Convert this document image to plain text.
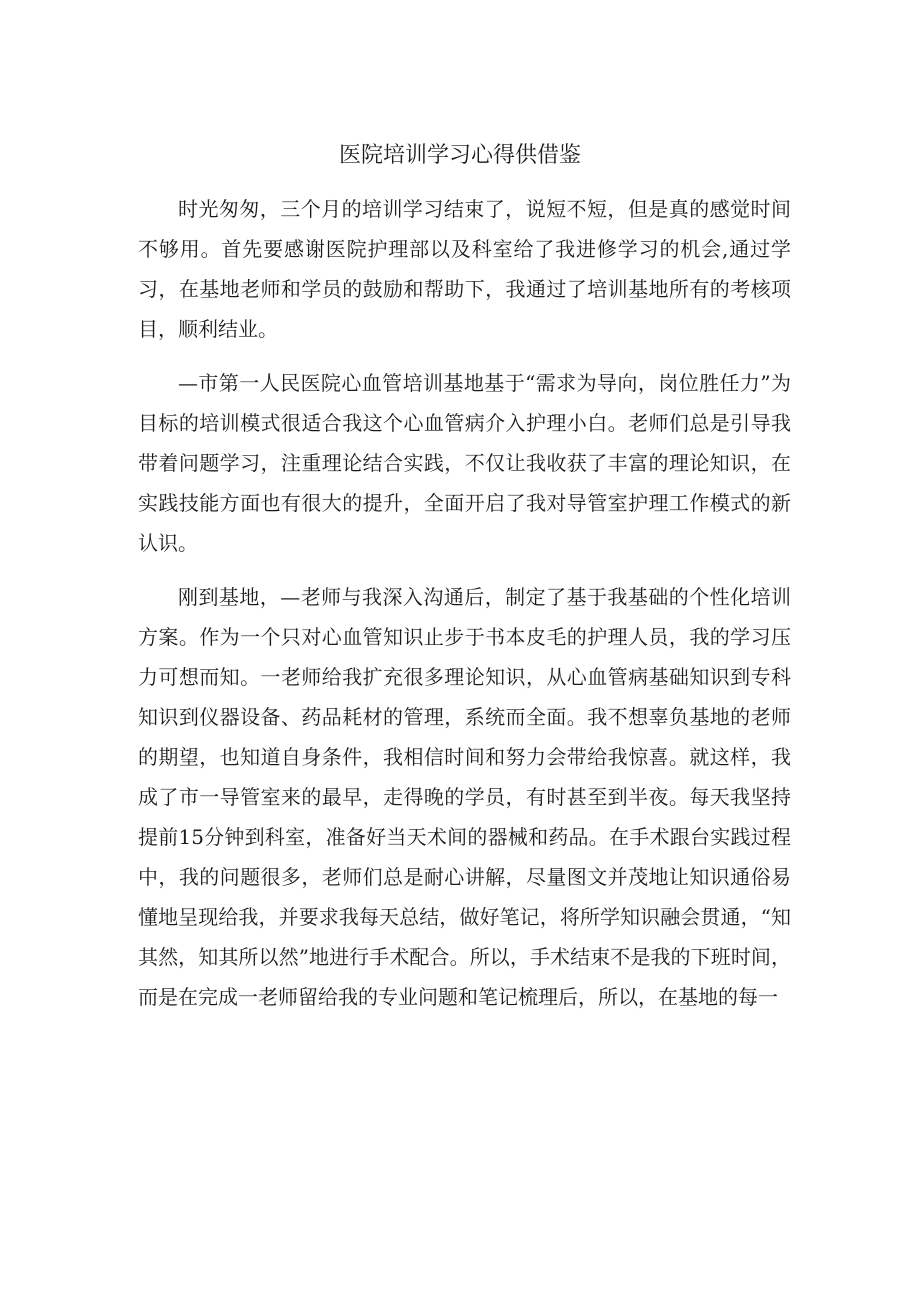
医院培训学习心得供借鉴

时光匆匆，三个月的培训学习结束了，说短不短，但是真的感觉时间不够用。首先要感谢医院护理部以及科室给了我进修学习的机会,通过学习，在基地老师和学员的鼓励和帮助下，我通过了培训基地所有的考核项目，顺利结业。

—市第一人民医院心血管培训基地基于“需求为导向，岗位胜任力”为目标的培训模式很适合我这个心血管病介入护理小白。老师们总是引导我带着问题学习，注重理论结合实践，不仅让我收获了丰富的理论知识，在实践技能方面也有很大的提升，全面开启了我对导管室护理工作模式的新认识。

刚到基地，—老师与我深入沟通后，制定了基于我基础的个性化培训方案。作为一个只对心血管知识止步于书本皮毛的护理人员，我的学习压力可想而知。一老师给我扩充很多理论知识，从心血管病基础知识到专科知识到仪器设备、药品耗材的管理，系统而全面。我不想辜负基地的老师的期望，也知道自身条件，我相信时间和努力会带给我惊喜。就这样，我成了市一导管室来的最早，走得晚的学员，有时甚至到半夜。每天我坚持提前15分钟到科室，准备好当天术间的器械和药品。在手术跟台实践过程中，我的问题很多，老师们总是耐心讲解，尽量图文并茂地让知识通俗易懂地呈现给我，并要求我每天总结，做好笔记，将所学知识融会贯通，“知其然，知其所以然”地进行手术配合。所以，手术结束不是我的下班时间，而是在完成一老师留给我的专业问题和笔记梳理后，所以，在基地的每一
